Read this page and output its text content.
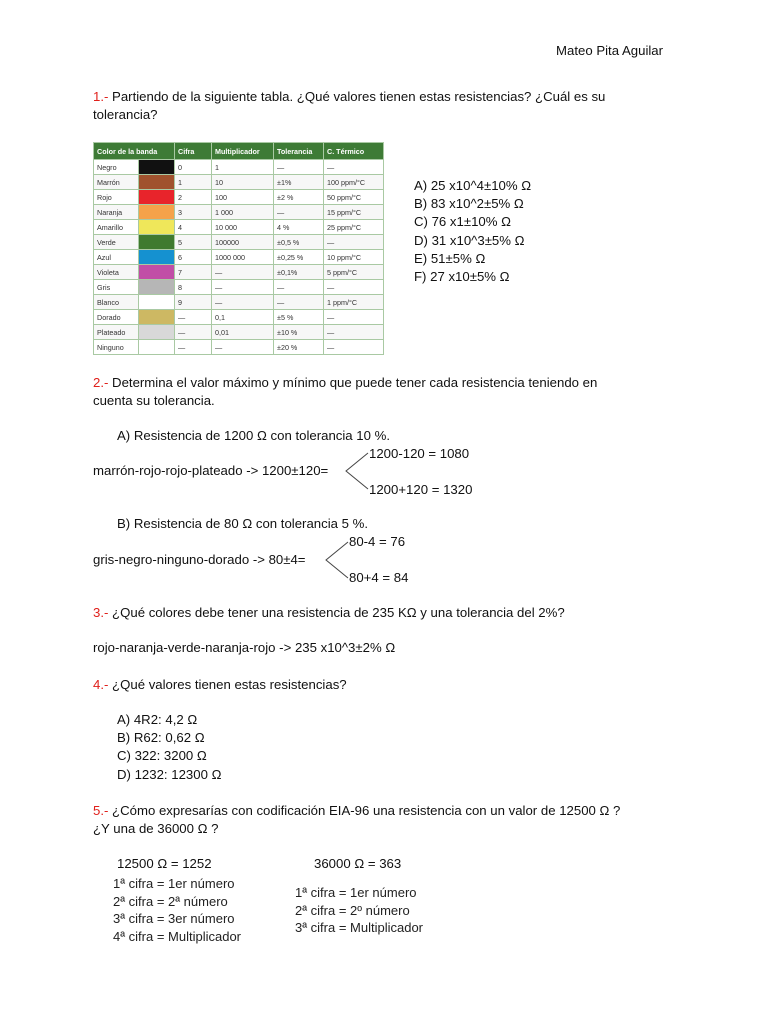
Mateo Pita Aguilar
1.- Partiendo de la siguiente tabla. ¿Qué valores tienen estas resistencias? ¿Cuál es su
tolerancia?
Color de la banda		Cifra	Multiplicador	Tolerancia	C. Térmico
Negro		0	1	—	—
Marrón		1	10	±1%	100 ppm/°C
Rojo		2	100	±2 %	50 ppm/°C
Naranja		3	1 000	—	15 ppm/°C
Amarillo		4	10 000	4 %	25 ppm/°C
Verde		5	100000	±0,5 %	—
Azul		6	1000 000	±0,25 %	10 ppm/°C
Violeta		7	—	±0,1%	5 ppm/°C
Gris		8	—	—	—
Blanco		9	—	—	1 ppm/°C
Dorado		—	0,1	±5 %	—
Plateado		—	0,01	±10 %	—
Ninguno		—	—	±20 %	—
A) 25 x10^4±10% Ω
B) 83 x10^2±5% Ω
C) 76 x1±10% Ω
D) 31 x10^3±5% Ω
E) 51±5% Ω
F) 27 x10±5% Ω
2.- Determina el valor máximo y mínimo que puede tener cada resistencia teniendo en
cuenta su tolerancia.
A) Resistencia de 1200 Ω con tolerancia 10 %.
1200-120 = 1080
marrón-rojo-rojo-plateado -> 1200±120=
1200+120 = 1320
B) Resistencia de 80 Ω con tolerancia 5 %.
80-4 = 76
gris-negro-ninguno-dorado -> 80±4=
80+4 = 84
3.- ¿Qué colores debe tener una resistencia de 235 KΩ y una tolerancia del 2%?
rojo-naranja-verde-naranja-rojo -> 235 x10^3±2% Ω
4.- ¿Qué valores tienen estas resistencias?
A) 4R2: 4,2 Ω
B) R62: 0,62 Ω
C) 322: 3200 Ω
D) 1232: 12300 Ω
5.- ¿Cómo expresarías con codificación EIA-96 una resistencia con un valor de 12500 Ω ?
¿Y una de 36000 Ω ?
12500 Ω = 1252
1ª cifra = 1er número
2ª cifra = 2ª número
3ª cifra = 3er número
4ª cifra = Multiplicador
36000 Ω = 363
1ª cifra = 1er número
2ª cifra = 2º número
3ª cifra = Multiplicador
